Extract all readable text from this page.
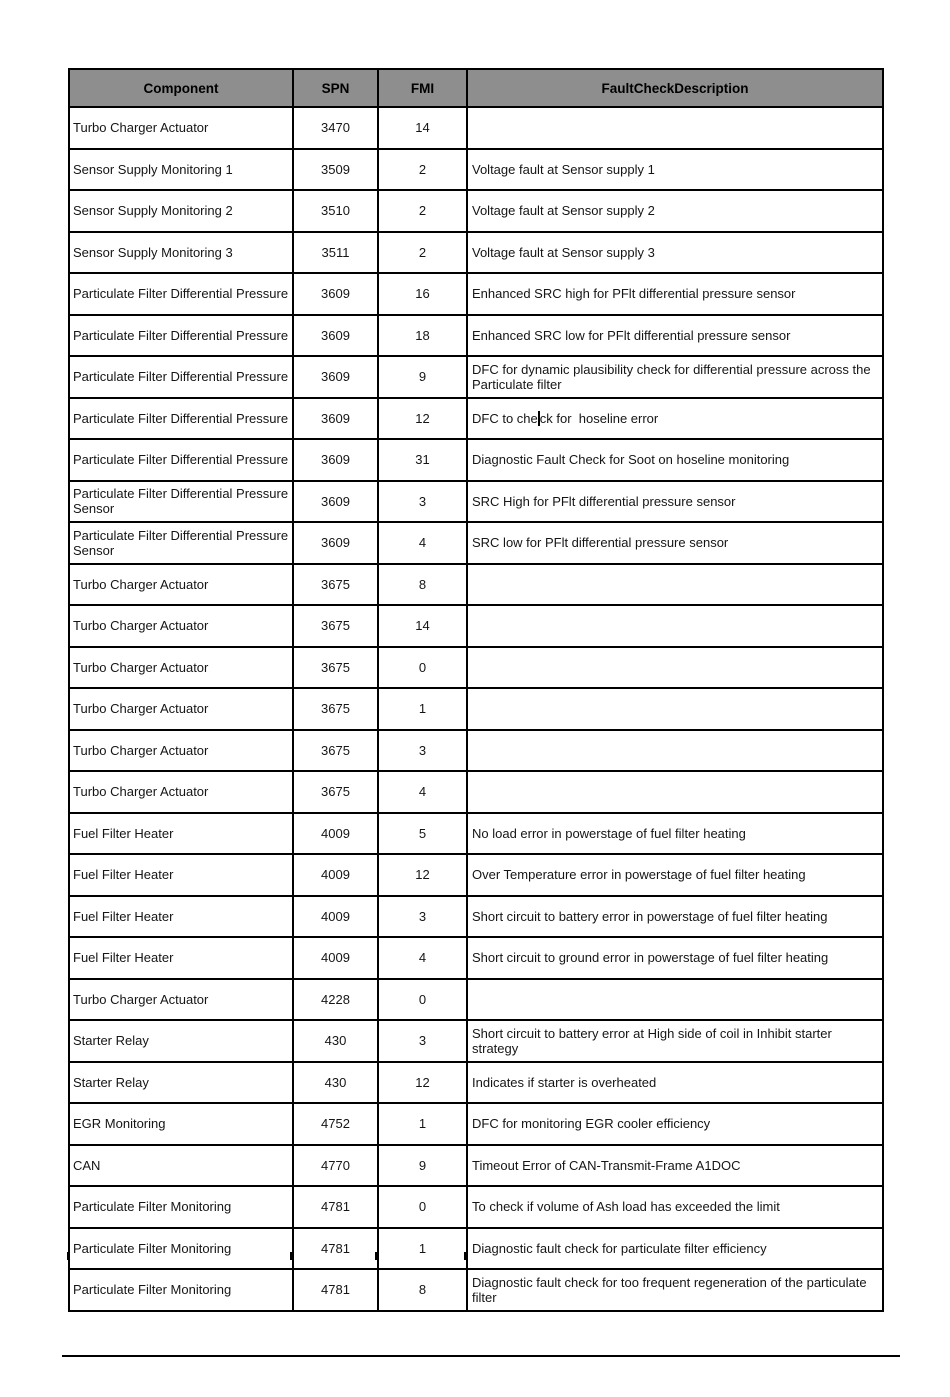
Component	SPN	FMI	FaultCheckDescription
Turbo Charger Actuator	3470	14	
Sensor Supply Monitoring 1	3509	2	Voltage fault at Sensor supply 1
Sensor Supply Monitoring 2	3510	2	Voltage fault at Sensor supply 2
Sensor Supply Monitoring 3	3511	2	Voltage fault at Sensor supply 3
Particulate Filter Differential Pressure	3609	16	Enhanced SRC high for PFlt differential pressure sensor
Particulate Filter Differential Pressure	3609	18	Enhanced SRC low for PFlt differential pressure sensor
Particulate Filter Differential Pressure	3609	9	DFC for dynamic plausibility check for differential pressure across the Particulate filter
Particulate Filter Differential Pressure	3609	12	DFC to che ck for  hoseline error
Particulate Filter Differential Pressure	3609	31	Diagnostic Fault Check for Soot on hoseline monitoring
Particulate Filter Differential Pressure Sensor	3609	3	SRC High for PFlt differential pressure sensor
Particulate Filter Differential Pressure Sensor	3609	4	SRC low for PFlt differential pressure sensor
Turbo Charger Actuator	3675	8	
Turbo Charger Actuator	3675	14	
Turbo Charger Actuator	3675	0	
Turbo Charger Actuator	3675	1	
Turbo Charger Actuator	3675	3	
Turbo Charger Actuator	3675	4	
Fuel Filter Heater	4009	5	No load error in powerstage of fuel filter heating
Fuel Filter Heater	4009	12	Over Temperature error in powerstage of fuel filter heating
Fuel Filter Heater	4009	3	Short circuit to battery error in powerstage of fuel filter heating
Fuel Filter Heater	4009	4	Short circuit to ground error in powerstage of fuel filter heating
Turbo Charger Actuator	4228	0	
Starter Relay	430	3	Short circuit to battery error at High side of coil in Inhibit starter strategy
Starter Relay	430	12	Indicates if starter is overheated
EGR Monitoring	4752	1	DFC for monitoring EGR cooler efficiency
CAN	4770	9	Timeout Error of CAN-Transmit-Frame A1DOC
Particulate Filter Monitoring	4781	0	To check if volume of Ash load has exceeded the limit
Particulate Filter Monitoring	4781	1	Diagnostic fault check for particulate filter efficiency
Particulate Filter Monitoring	4781	8	Diagnostic fault check for too frequent regeneration of the particulate filter
